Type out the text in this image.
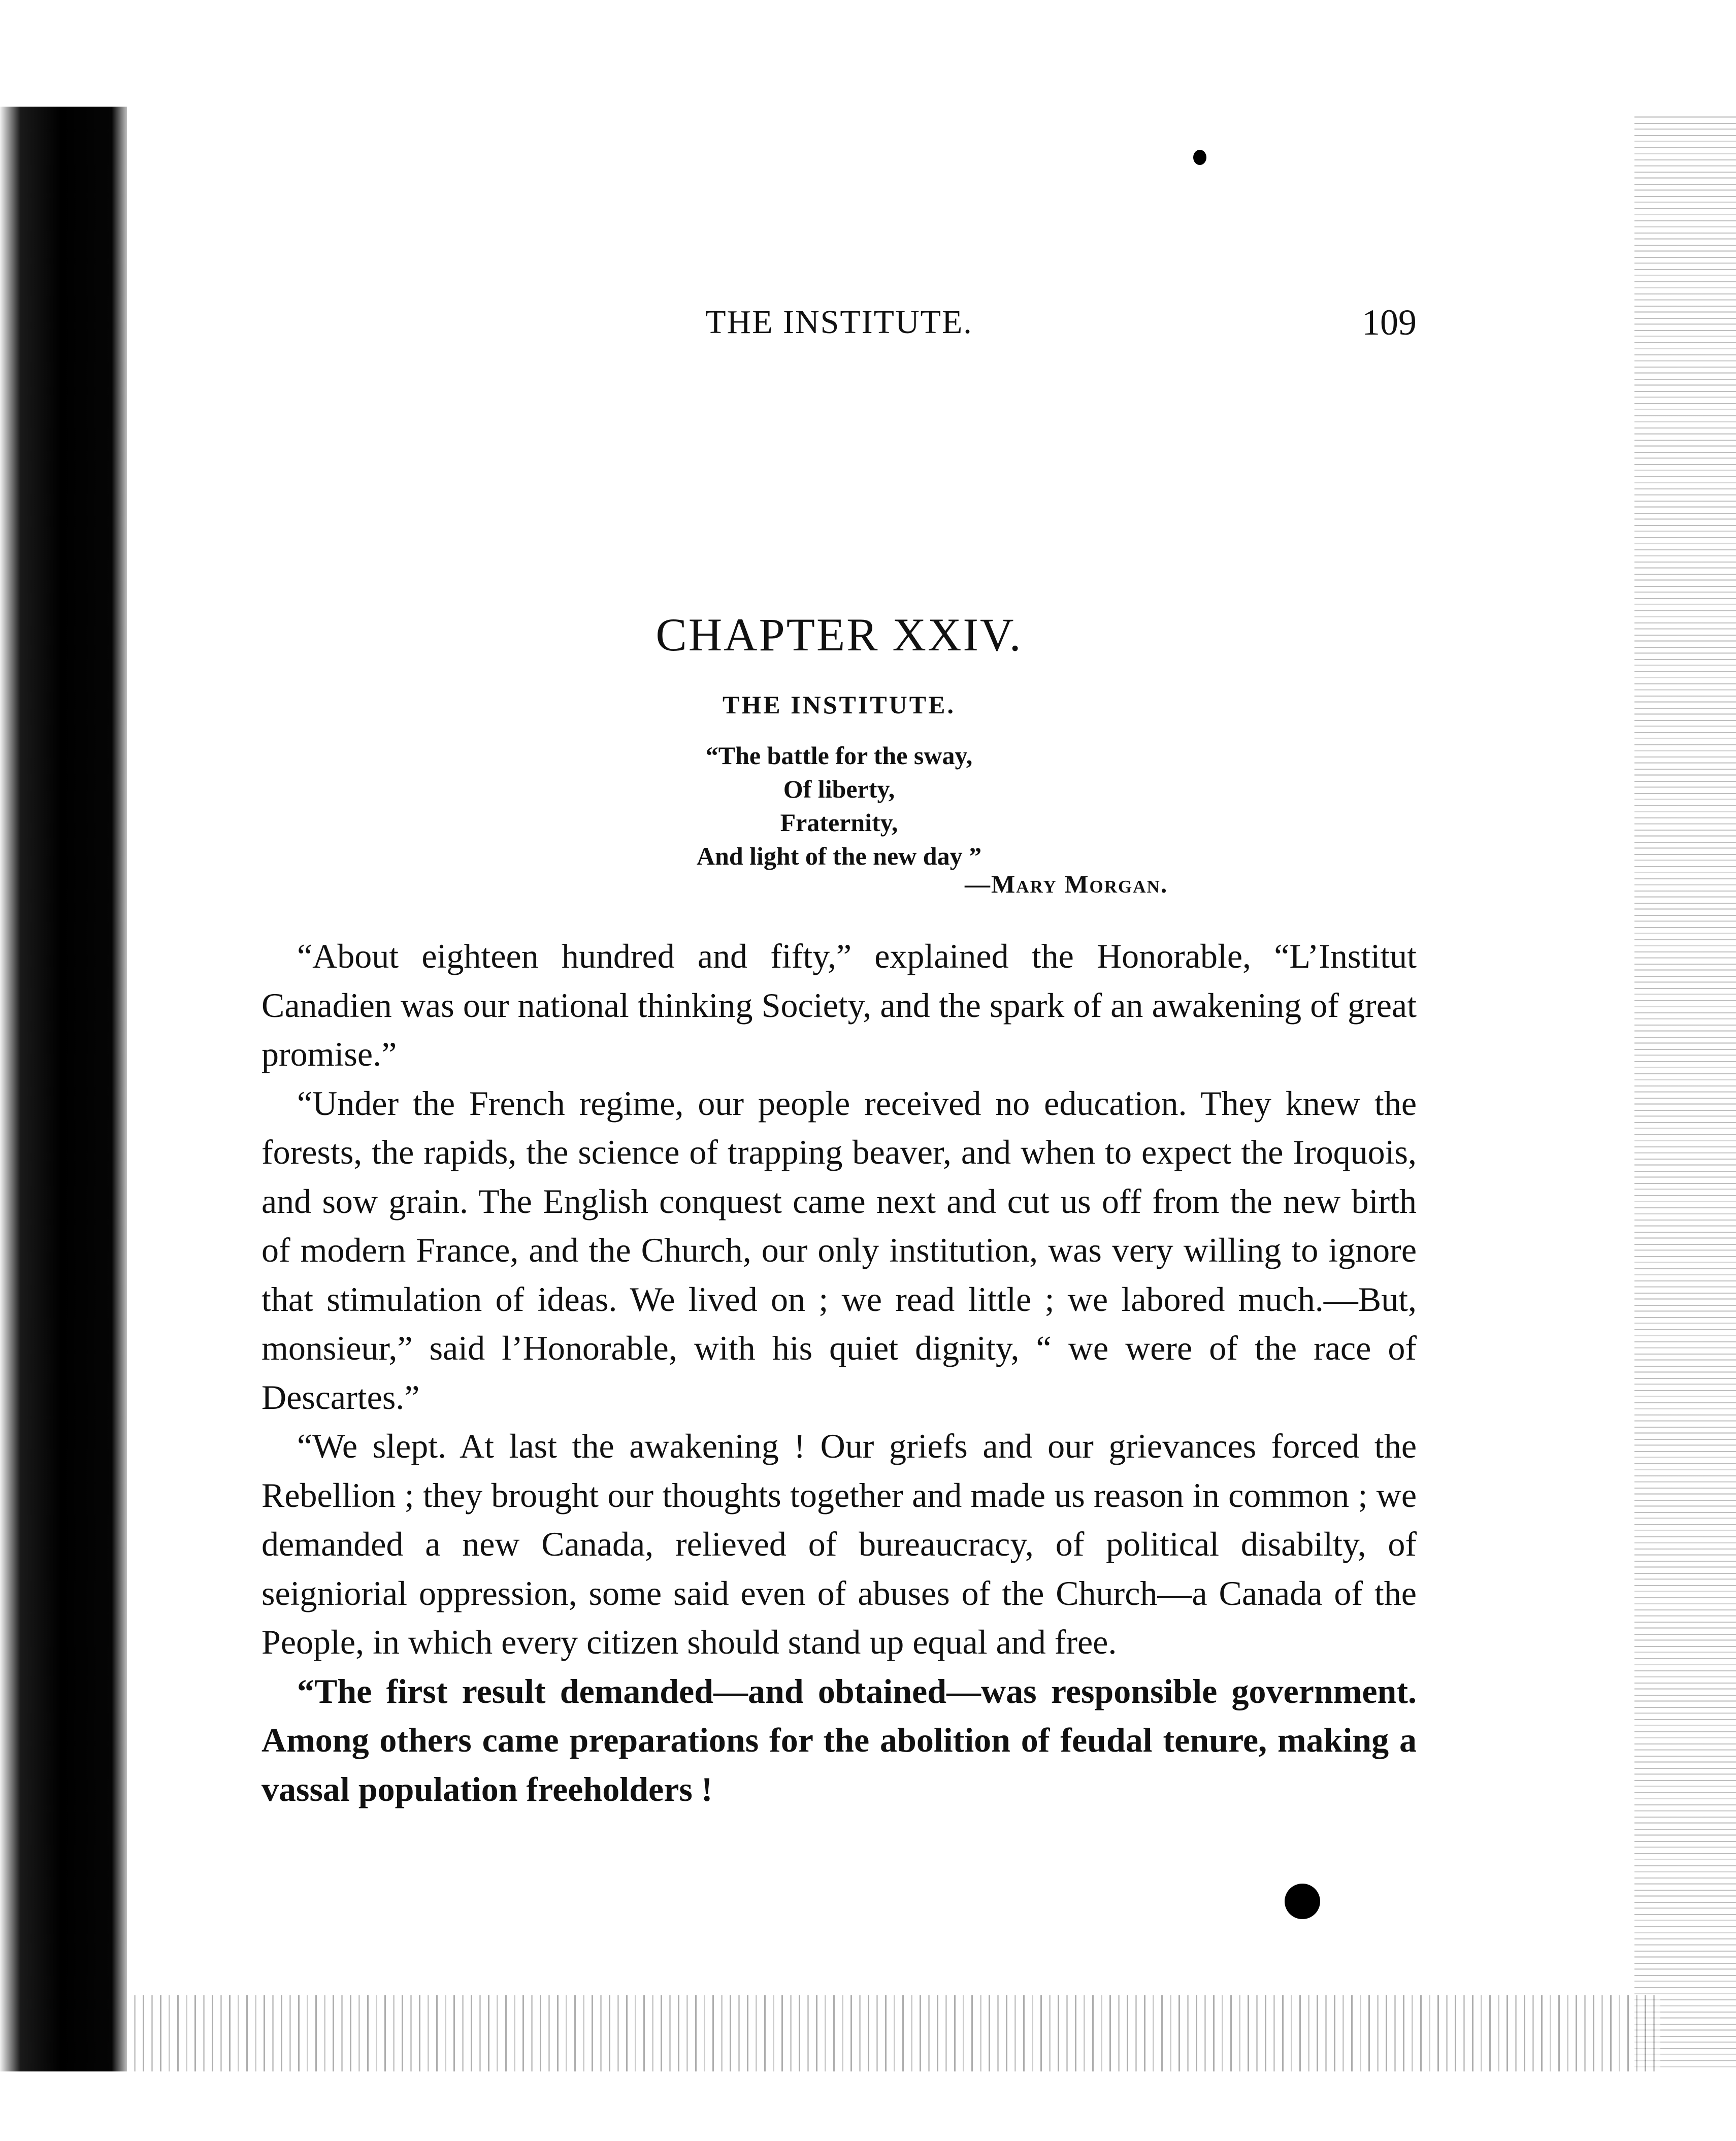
THE INSTITUTE.	109
CHAPTER XXIV.
THE INSTITUTE.
“The battle for the sway,
Of liberty,
Fraternity,
And light of the new day ”
—Mary Morgan.

“About eighteen hundred and fifty,” explained the Honorable, “L’Institut Canadien was our national thinking Society, and the spark of an awakening of great promise.”

“Under the French regime, our people received no education. They knew the forests, the rapids, the science of trapping beaver, and when to expect the Iroquois, and sow grain. The English conquest came next and cut us off from the new birth of modern France, and the Church, our only institution, was very willing to ignore that stimulation of ideas. We lived on ; we read little ; we labored much.—But, monsieur,” said l’Honorable, with his quiet dignity, “ we were of the race of Descartes.”

“We slept. At last the awakening ! Our griefs and our grievances forced the Rebellion ; they brought our thoughts together and made us reason in common ; we demanded a new Canada, relieved of bureaucracy, of political disabilty, of seigniorial oppression, some said even of abuses of the Church—a Canada of the People, in which every citizen should stand up equal and free.

“The first result demanded—and obtained—was responsible government. Among others came preparations for the abolition of feudal tenure, making a vassal population freeholders !
